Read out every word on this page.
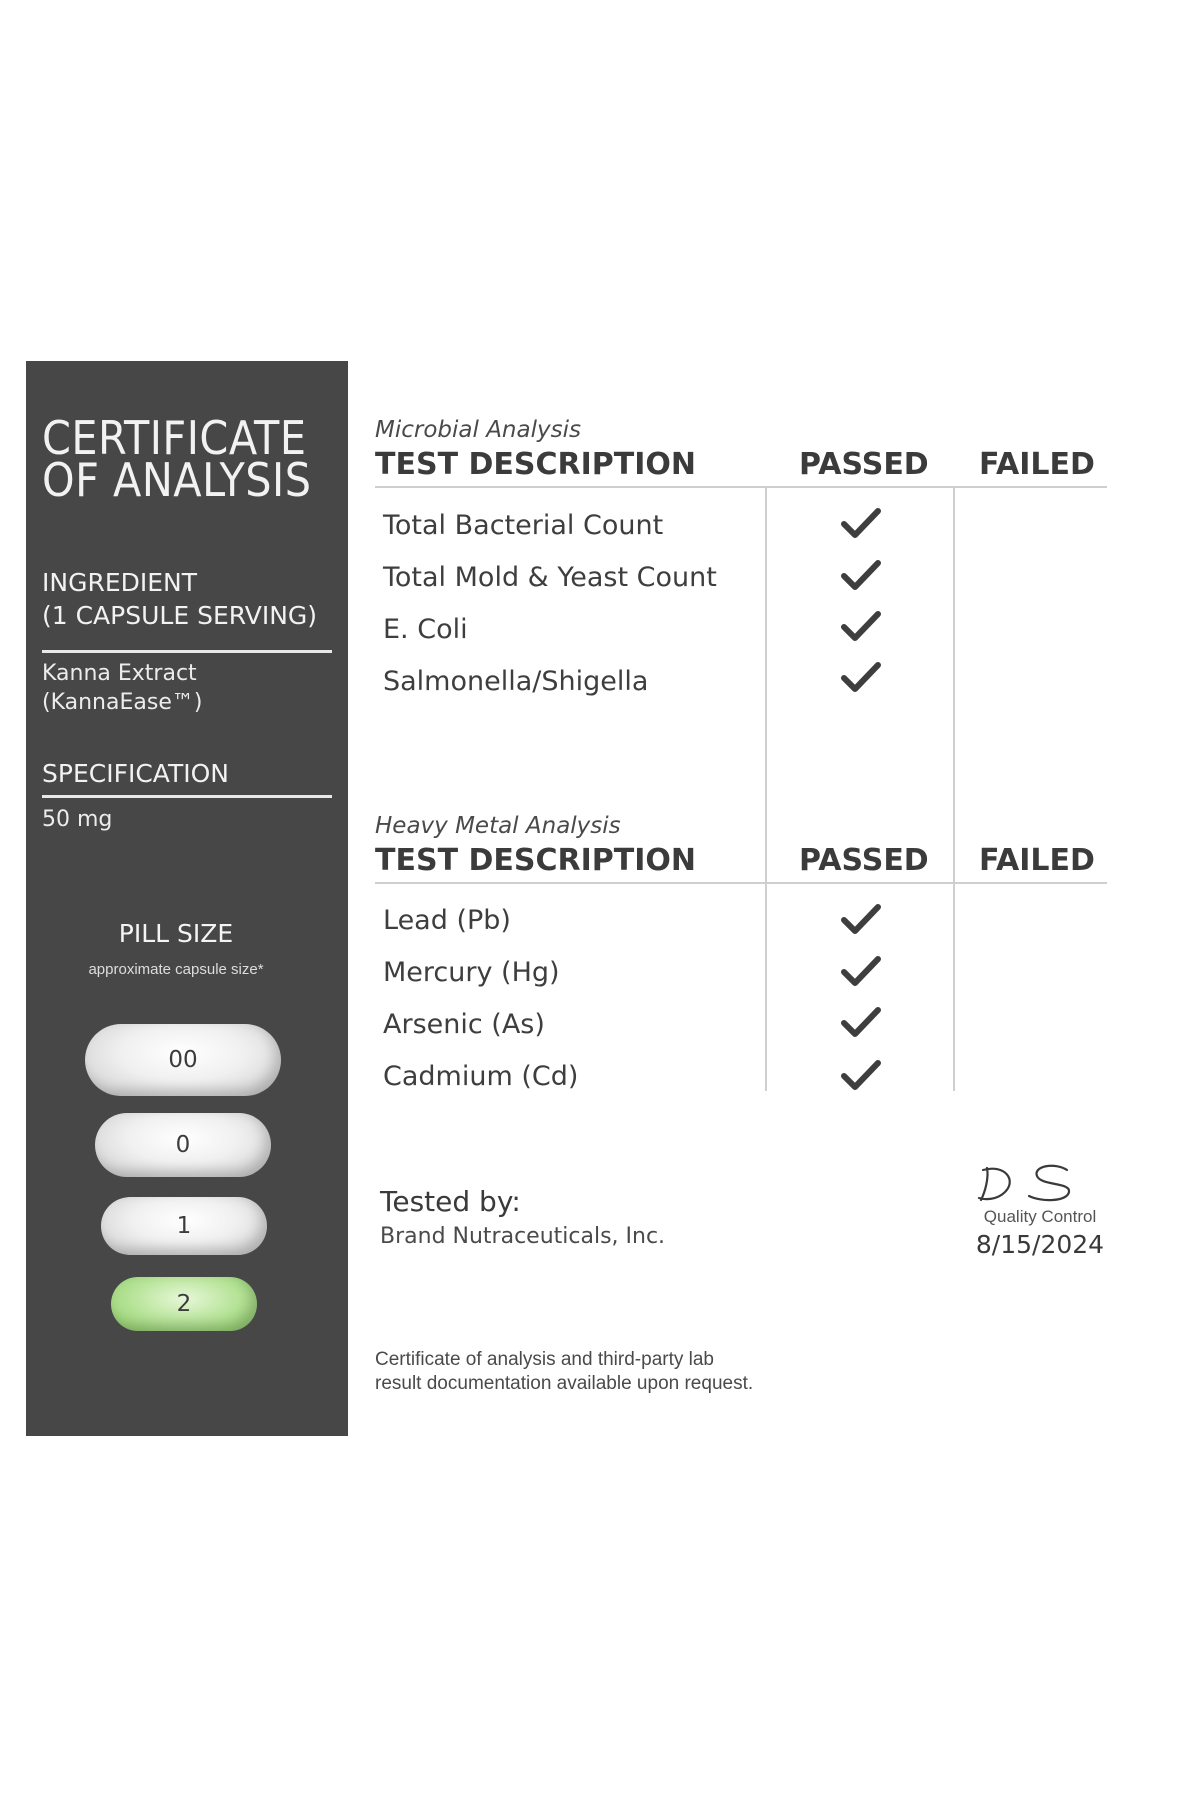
CERTIFICATE
OF ANALYSIS
INGREDIENT
(1 CAPSULE SERVING)
Kanna Extract
(KannaEase™)
SPECIFICATION
50 mg
PILL SIZE
approximate capsule size*
00
0
1
2
Microbial Analysis
TEST DESCRIPTION	PASSED FAILED
Total Bacterial Count
Total Mold & Yeast Count
E. Coli
Salmonella/Shigella
Heavy Metal Analysis
TEST DESCRIPTION	PASSED FAILED
Lead (Pb)
Mercury (Hg)
Arsenic (As)
Cadmium (Cd)
Tested by:
Brand Nutraceuticals, Inc.
Quality Control
8/15/2024
Certificate of analysis and third-party lab
result documentation available upon request.
